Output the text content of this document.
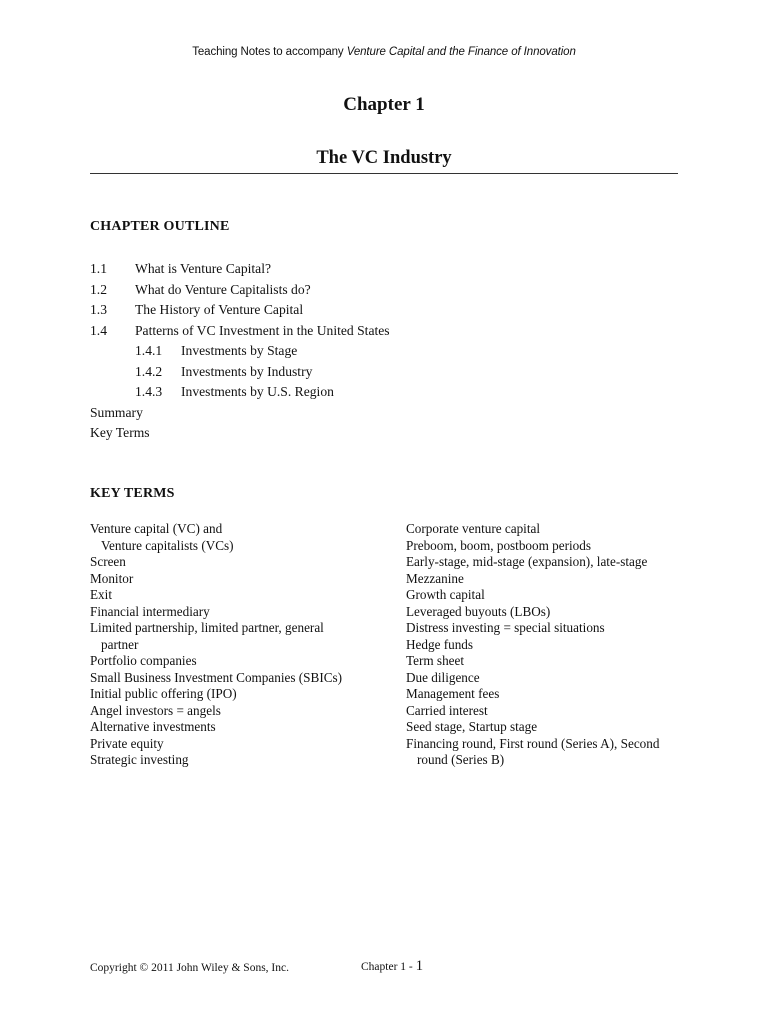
Teaching Notes to accompany Venture Capital and the Finance of Innovation
Chapter 1
The VC Industry
CHAPTER OUTLINE
1.1 What is Venture Capital?
1.2 What do Venture Capitalists do?
1.3 The History of Venture Capital
1.4 Patterns of VC Investment in the United States
1.4.1 Investments by Stage
1.4.2 Investments by Industry
1.4.3 Investments by U.S. Region
Summary
Key Terms
KEY TERMS
Venture capital (VC) and
Venture capitalists (VCs)
Screen
Monitor
Exit
Financial intermediary
Limited partnership, limited partner, general
partner
Portfolio companies
Small Business Investment Companies (SBICs)
Initial public offering (IPO)
Angel investors = angels
Alternative investments
Private equity
Strategic investing
Corporate venture capital
Preboom, boom, postboom periods
Early-stage, mid-stage (expansion), late-stage
Mezzanine
Growth capital
Leveraged buyouts (LBOs)
Distress investing = special situations
Hedge funds
Term sheet
Due diligence
Management fees
Carried interest
Seed stage, Startup stage
Financing round, First round (Series A), Second
round (Series B)
Copyright © 2011 John Wiley & Sons, Inc.	Chapter 1 - 1
